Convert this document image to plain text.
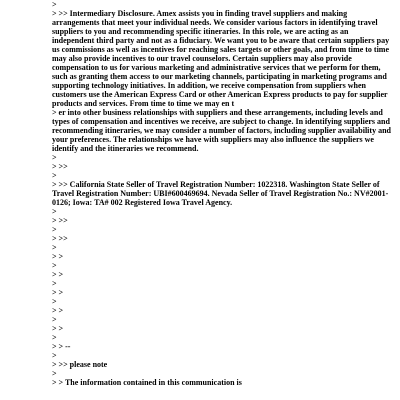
>

> >> Intermediary Disclosure. Amex assists you in finding travel suppliers and making arrangements that meet your individual needs. We consider various factors in identifying travel suppliers to you and recommending specific itineraries. In this role, we are acting as an independent third party and not as a fiduciary. We want you to be aware that certain suppliers pay us commissions as well as incentives for reaching sales targets or other goals, and from time to time may also provide incentives to our travel counselors. Certain suppliers may also provide compensation to us for various marketing and administrative services that we perform for them, such as granting them access to our marketing channels, participating in marketing programs and supporting technology initiatives. In addition, we receive compensation from suppliers when customers use the American Express Card or other American Express products to pay for supplier products and services. From time to time we may en t

> er into other business relationships with suppliers and these arrangements, including levels and types of compensation and incentives we receive, are subject to change. In identifying suppliers and recommending itineraries, we may consider a number of factors, including supplier availability and your preferences. The relationships we have with suppliers may also influence the suppliers we identify and the itineraries we recommend.

>

> >>

>

> >> California State Seller of Travel Registration Number: 1022318. Washington State Seller of Travel Registration Number: UBI#600469694. Nevada Seller of Travel Registration No.: NV#2001-0126; Iowa: TA# 002 Registered Iowa Travel Agency.

>

> >>

>

> >>

>

> >

>

> >

>

> >

>

> >

>

> >

>

> > --

>

> >> please note

>

> > The information contained in this communication is
